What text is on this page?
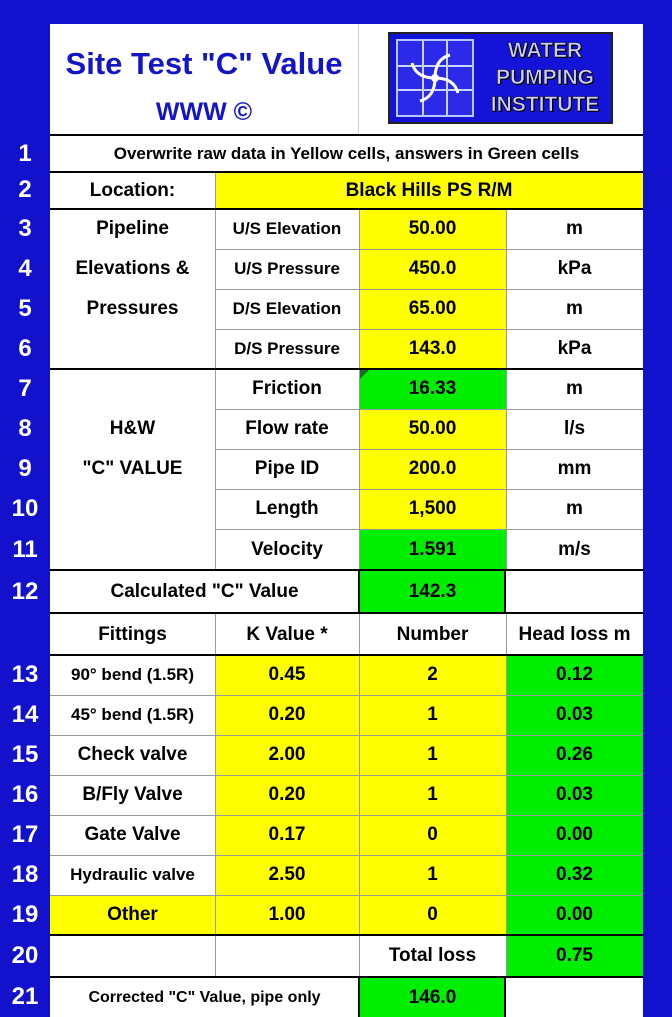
1
2
3
4
5
6
7
8
9
10
11
12
13
14
15
16
17
18
19
20
21
Site Test "C" Value
WWW ©
WATER
PUMPING
INSTITUTE
Overwrite raw data in Yellow cells, answers in Green cells
Location:	Black Hills PS R/M
Pipeline
Elevations &
Pressures
U/S Elevation	50.00	m
U/S Pressure	450.0	kPa
D/S Elevation	65.00	m
D/S Pressure	143.0	kPa
H&W
"C" VALUE
Friction	16.33	m
Flow rate	50.00	l/s
Pipe ID	200.0	mm
Length	1,500	m
Velocity	1.591	m/s
Calculated "C" Value	142.3
Fittings	K Value *	Number	Head loss m
90° bend (1.5R)	0.45	2	0.12
45° bend (1.5R)	0.20	1	0.03
Check valve	2.00	1	0.26
B/Fly Valve	0.20	1	0.03
Gate Valve	0.17	0	0.00
Hydraulic valve	2.50	1	0.32
Other	1.00	0	0.00
Total loss	0.75
Corrected "C" Value, pipe only	146.0
